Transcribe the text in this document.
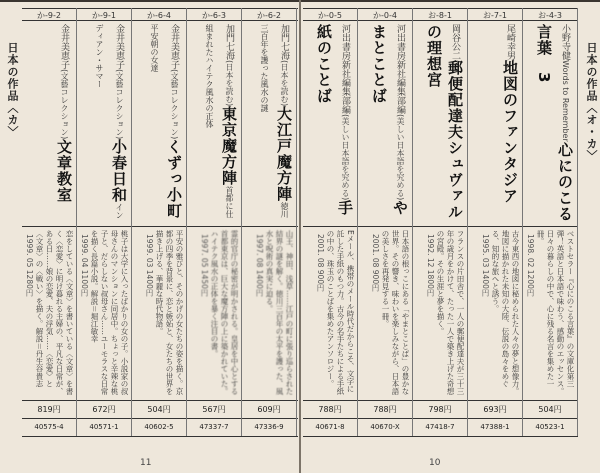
日本の作品〈カ〉
か-9-2
金井美恵子(文藝コレクション)文章教室
恋をしている〈文章〉を書いている〈文章〉を書く〈恋愛〉に明け暮れる主婦の、平凡な日常が、ある日……娘の恋愛、夫の浮気……〈恋愛〉と〈文章〉の〈戦い〉を描く。解説＝丹生谷貴志
1999. 05 1280円
819円
40575-4
か-9-1
金井美恵子(文藝コレクション)小春日和インディアン・サマー
桃子は大学に入ったばかりの女の子。小説家の叔母さんのマンションに同居中。ちょっと辛辣な桃子と、だらしない叔母さん……ユーモラスな日常を描く長篇小説。解説＝堀江敏幸
1999. 04 1100円
672円
40571-1
か-6-4
金井美恵子(文藝コレクション)くずっ小町平安朝の女達
平安の雅びと、そのかげの女たちの姿を描く。京都の四季を背景に、恋と嫉妬と、女たちの世界を描き上げる、華麗な時代物語。
1999. 03 1400円
504円
40602-5
か-6-3
加門七海(日本を読む)東京魔方陣首都に仕組まれたハイテク風水の正体
霊的官庁の秘密が明かされる。皇居を中心とする首都東京は、巨大な魔方陣の上に築かれていた。ハイテク風水の正体を暴く注目の書。
1997. 05 1450円
567円
47337-7
か-6-2
加門七海(日本を読む)大江戸魔方陣徳川三百年を護った風水の謎
山王、神田、浅草……江戸の町に張り巡らされた結界の謎を解く。徳川三百年の太平を護った、風水と呪術の真実に迫る。
1997. 08 1400円
609円
47336-9
11
日本の作品〈オ・カ〉
か-0-5
河出書房新社編集部編(美しい日本語を究める)手紙のことば
Eメール、携帯のメール時代だからこそ、文字に託した手紙のもつ力。古今の名手たちによる手紙の中の、珠玉のことばを集めたアンソロジー。
2001. 08 900円
788円
40671-8
か-0-4
河出書房新社編集部編(美しい日本語を究める)やまとことば
日本語の根っこにある「やまとことば」の豊かな世界。その響き、味わいを楽しみながら、日本語の美しさを再発見する一冊。
2001. 08 900円
788円
40670-X
お-8-1
岡谷公二郵便配達夫シュヴァルの理想宮
フランスの片田舎で、一人の郵便配達夫が三十三年の歳月をかけて、たった一人で築き上げた奇想の宮殿。その生涯と夢を描く。
1992. 12 1800円
798円
47418-7
お-7-1
尾崎幸男地図のファンタジア
古今東西の地図に秘められた人々の夢と想像力。地図に描かれた未知の大陸、伝説の島々をめぐる、知的な旅へと誘う。
1995. 03 1400円
693円
47388-1
お-4-3
小野寺健Words to Remember心にのこる言葉　3
ベストセラー『心にのこる言葉』の文庫化第三弾！英語と日本語で味わう、感動のエッセンス。日々の暮らしの中で、心に残る名言を集めた一冊。
1998. 02 1200円
504円
40523-1
10
